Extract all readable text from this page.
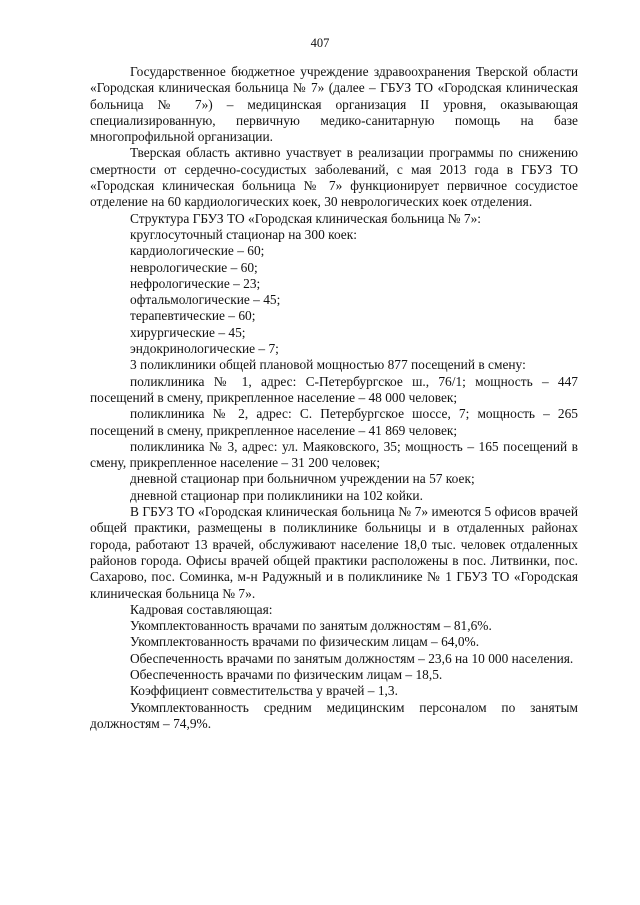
407

Государственное бюджетное учреждение здравоохранения Тверской области «Городская клиническая больница № 7» (далее – ГБУЗ ТО «Городская клиническая больница № 7») – медицинская организация II уровня, оказывающая специализированную, первичную медико-санитарную помощь на базе многопрофильной организации.

Тверская область активно участвует в реализации программы по снижению смертности от сердечно-сосудистых заболеваний, с мая 2013 года в ГБУЗ ТО «Городская клиническая больница № 7» функционирует первичное сосудистое отделение на 60 кардиологических коек, 30 неврологических коек отделения.

Структура ГБУЗ ТО «Городская клиническая больница № 7»:

круглосуточный стационар на 300 коек:

кардиологические – 60;

неврологические – 60;

нефрологические – 23;

офтальмологические – 45;

терапевтические – 60;

хирургические – 45;

эндокринологические – 7;

3 поликлиники общей плановой мощностью 877 посещений в смену:

поликлиника № 1, адрес: С-Петербургское ш., 76/1; мощность – 447 посещений в смену, прикрепленное население – 48 000 человек;

поликлиника № 2, адрес: С. Петербургское шоссе, 7; мощность – 265 посещений в смену, прикрепленное население – 41 869 человек;

поликлиника № 3, адрес: ул. Маяковского, 35; мощность – 165 посещений в смену, прикрепленное население – 31 200 человек;

дневной стационар при больничном учреждении на 57 коек;

дневной стационар при поликлиники на 102 койки.

В ГБУЗ ТО «Городская клиническая больница № 7» имеются 5 офисов врачей общей практики, размещены в поликлинике больницы и в отдаленных районах города, работают 13 врачей, обслуживают население 18,0 тыс. человек отдаленных районов города. Офисы врачей общей практики расположены в пос. Литвинки, пос. Сахарово, пос. Соминка, м-н Радужный и в поликлинике № 1 ГБУЗ ТО «Городская клиническая больница № 7».

Кадровая составляющая:

Укомплектованность врачами по занятым должностям – 81,6%.

Укомплектованность врачами по физическим лицам – 64,0%.

Обеспеченность врачами по занятым должностям – 23,6 на 10 000 населения.

Обеспеченность врачами по физическим лицам – 18,5.

Коэффициент совместительства у врачей – 1,3.

Укомплектованность средним медицинским персоналом по занятым должностям – 74,9%.
